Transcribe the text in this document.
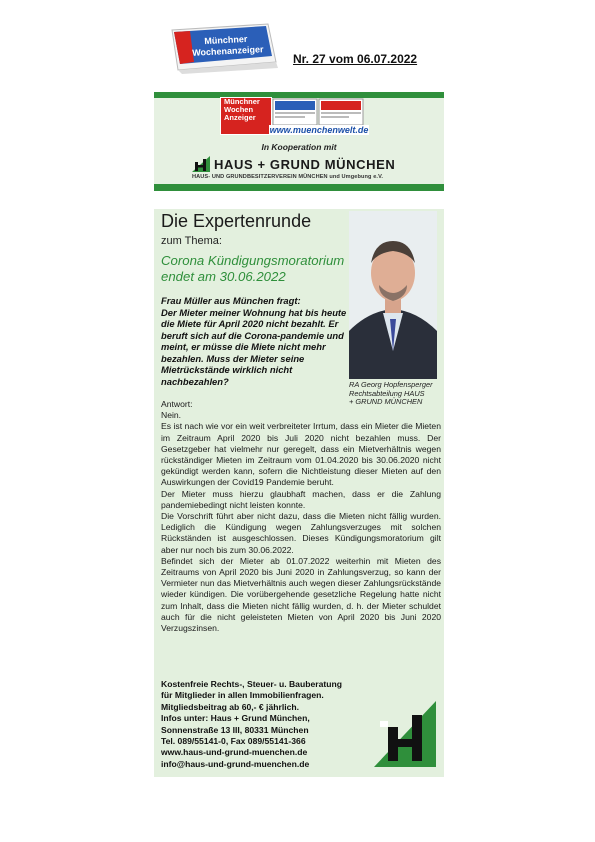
Münchner
Wochenanzeiger
Nr. 27 vom 06.07.2022
Münchner
Wochen
Anzeiger
www.muenchenwelt.de
In Kooperation mit
HAUS + GRUND MÜNCHEN
HAUS- UND GRUNDBESITZERVEREIN MÜNCHEN und Umgebung e.V.
Die Expertenrunde
zum Thema:
Corona Kündigungsmoratorium endet am 30.06.2022
RA Georg Hopfensperger
Rechtsabteilung HAUS
+ GRUND MÜNCHEN
Frau Müller aus München fragt:
Der Mieter meiner Wohnung hat bis heute die Miete für April 2020 nicht bezahlt. Er beruft sich auf die Corona-pandemie und meint, er müsse die Miete nicht mehr bezahlen. Muss der Mieter seine Mietrückstände wirklich nicht nachbezahlen?

Antwort:

Nein.

Es ist nach wie vor ein weit verbreiteter Irrtum, dass ein Mieter die Mieten im Zeitraum April 2020 bis Juli 2020 nicht bezahlen muss. Der Gesetzgeber hat vielmehr nur geregelt, dass ein Mietverhältnis wegen rückständiger Mieten im Zeitraum vom 01.04.2020 bis 30.06.2020 nicht gekündigt werden kann, sofern die Nichtleistung dieser Mieten auf den Auswirkungen der Covid19 Pandemie beruht.

Der Mieter muss hierzu glaubhaft machen, dass er die Zahlung pandemiebedingt nicht leisten konnte.

Die Vorschrift führt aber nicht dazu, dass die Mieten nicht fällig wurden. Lediglich die Kündigung wegen Zahlungsverzuges mit solchen Rückständen ist ausgeschlossen. Dieses Kündigungsmoratorium gilt aber nur noch bis zum 30.06.2022.

Befindet sich der Mieter ab 01.07.2022 weiterhin mit Mieten des Zeitraums von April 2020 bis Juni 2020 in Zahlungsverzug, so kann der Vermieter nun das Mietverhältnis auch wegen dieser Zahlungsrückstände wieder kündigen. Die vorübergehende gesetzliche Regelung hatte nicht zum Inhalt, dass die Mieten nicht fällig wurden, d. h. der Mieter schuldet auch für die nicht geleisteten Mieten von April 2020 bis Juni 2020 Verzugszinsen.

Kostenfreie Rechts-, Steuer- u. Bauberatung

für Mitglieder in allen Immobilienfragen.

Mitgliedsbeitrag ab 60,- € jährlich.

Infos unter: Haus + Grund München,

Sonnenstraße 13 III, 80331 München

Tel. 089/55141-0, Fax 089/55141-366

www.haus-und-grund-muenchen.de

info@haus-und-grund-muenchen.de
